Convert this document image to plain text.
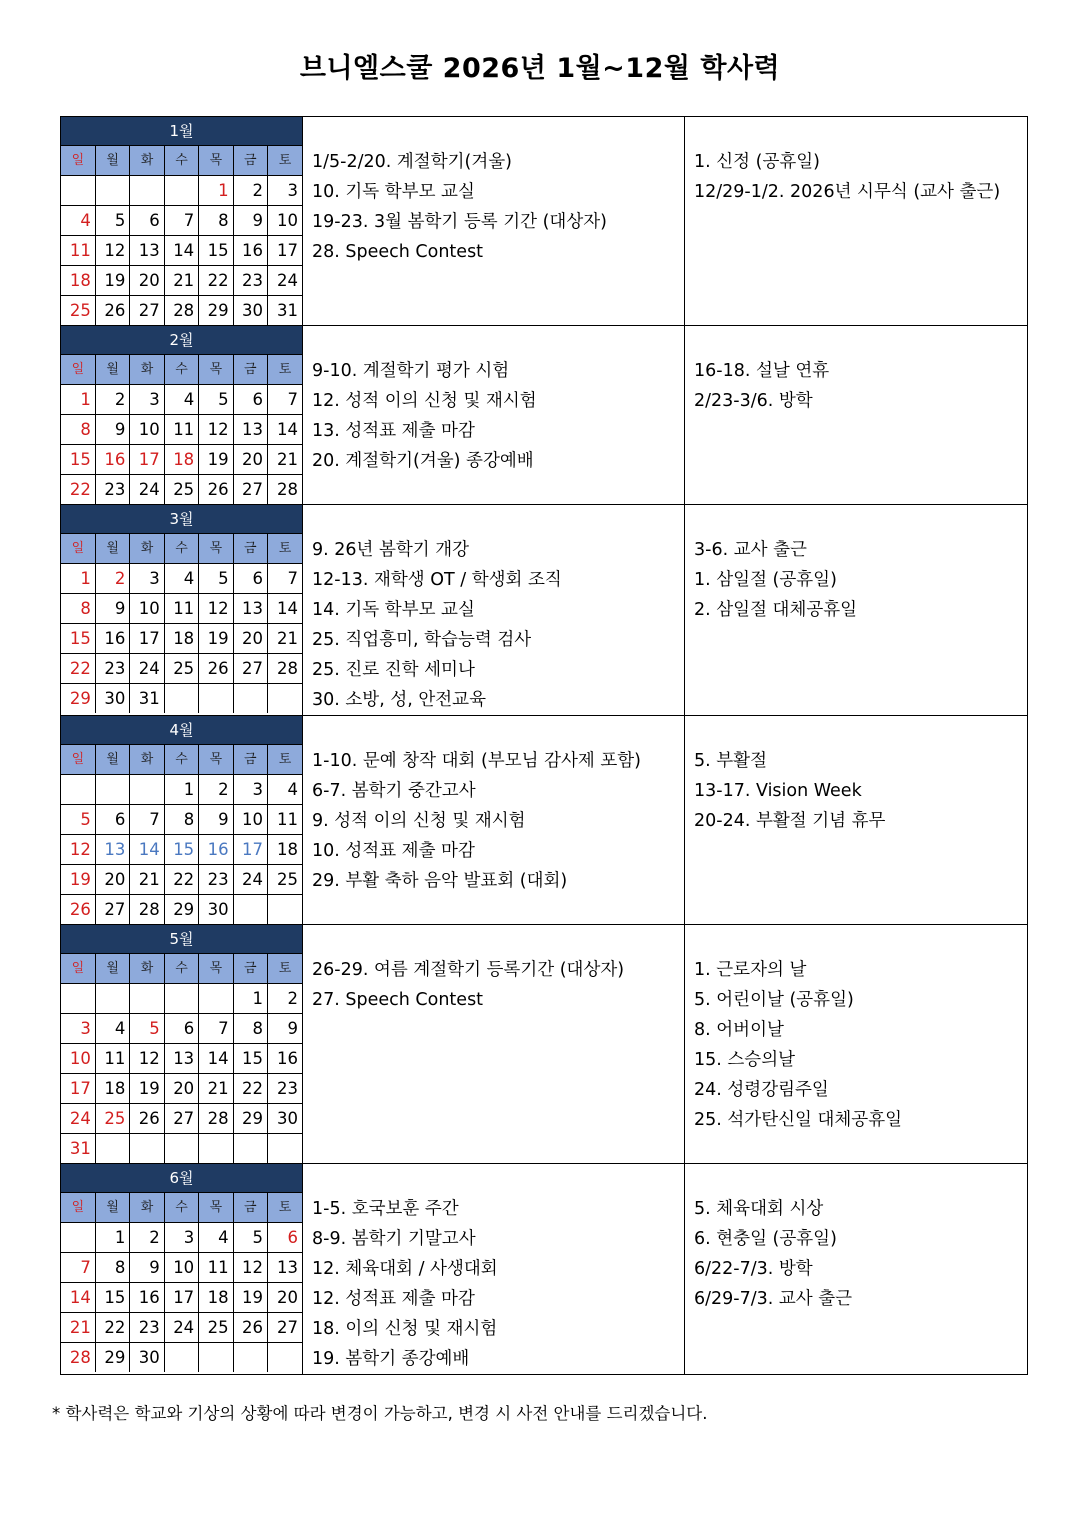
브니엘스쿨 2026년 1월~12월 학사력
1월
일	월	화	수	목	금	토
				1	2	3
4	5	6	7	8	9	10
11	12	13	14	15	16	17
18	19	20	21	22	23	24
25	26	27	28	29	30	31

1/5-2/20. 계절학기(겨울)
10. 기독 학부모 교실
19-23. 3월 봄학기 등록 기간 (대상자)
28. Speech Contest

1. 신정 (공휴일)
12/29-1/2. 2026년 시무식 (교사 출근)

2월
일	월	화	수	목	금	토
1	2	3	4	5	6	7
8	9	10	11	12	13	14
15	16	17	18	19	20	21
22	23	24	25	26	27	28

9-10. 계절학기 평가 시험
12. 성적 이의 신청 및 재시험
13. 성적표 제출 마감
20. 계절학기(겨울) 종강예배

16-18. 설날 연휴
2/23-3/6. 방학

3월
일	월	화	수	목	금	토
1	2	3	4	5	6	7
8	9	10	11	12	13	14
15	16	17	18	19	20	21
22	23	24	25	26	27	28
29	30	31				

9. 26년 봄학기 개강
12-13. 재학생 OT / 학생회 조직
14. 기독 학부모 교실
25. 직업흥미, 학습능력 검사
25. 진로 진학 세미나
30. 소방, 성, 안전교육

3-6. 교사 출근
1. 삼일절 (공휴일)
2. 삼일절 대체공휴일

4월
일	월	화	수	목	금	토
			1	2	3	4
5	6	7	8	9	10	11
12	13	14	15	16	17	18
19	20	21	22	23	24	25
26	27	28	29	30		

1-10. 문예 창작 대회 (부모님 감사제 포함)
6-7. 봄학기 중간고사
9. 성적 이의 신청 및 재시험
10. 성적표 제출 마감
29. 부활 축하 음악 발표회 (대회)

5. 부활절
13-17. Vision Week
20-24. 부활절 기념 휴무

5월
일	월	화	수	목	금	토
					1	2
3	4	5	6	7	8	9
10	11	12	13	14	15	16
17	18	19	20	21	22	23
24	25	26	27	28	29	30
31						

26-29. 여름 계절학기 등록기간 (대상자)
27. Speech Contest

1. 근로자의 날
5. 어린이날 (공휴일)
8. 어버이날
15. 스승의날
24. 성령강림주일
25. 석가탄신일 대체공휴일

6월
일	월	화	수	목	금	토
	1	2	3	4	5	6
7	8	9	10	11	12	13
14	15	16	17	18	19	20
21	22	23	24	25	26	27
28	29	30				

1-5. 호국보훈 주간
8-9. 봄학기 기말고사
12. 체육대회 / 사생대회
12. 성적표 제출 마감
18. 이의 신청 및 재시험
19. 봄학기 종강예배

5. 체육대회 시상
6. 현충일 (공휴일)
6/22-7/3. 방학
6/29-7/3. 교사 출근
* 학사력은 학교와 기상의 상황에 따라 변경이 가능하고, 변경 시 사전 안내를 드리겠습니다.
